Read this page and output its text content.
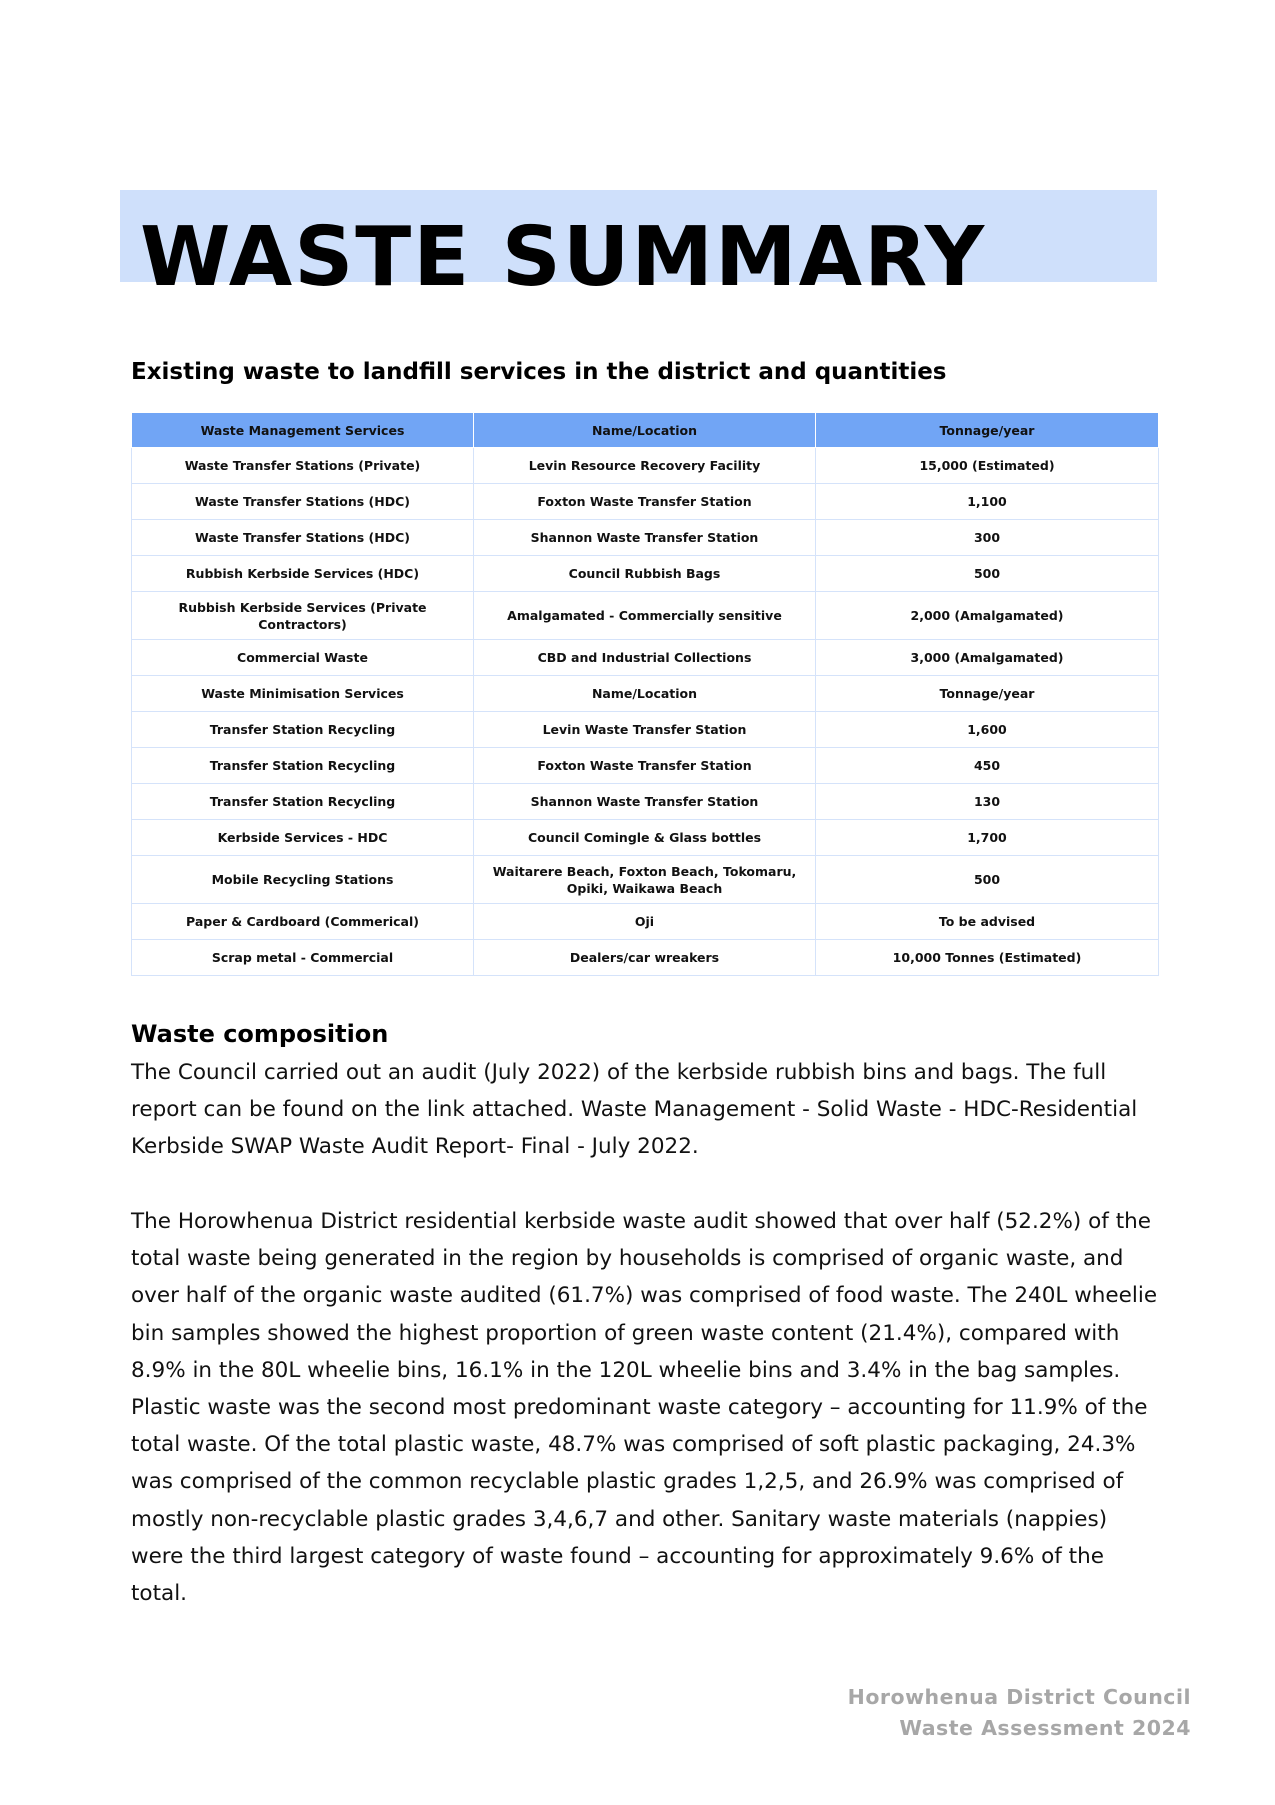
WASTE SUMMARY
Existing waste to landfill services in the district and quantities
Waste Management Services	Name/Location	Tonnage/year
Waste Transfer Stations (Private)	Levin Resource Recovery Facility	15,000 (Estimated)
Waste Transfer Stations (HDC)	Foxton Waste Transfer Station	1,100
Waste Transfer Stations (HDC)	Shannon Waste Transfer Station	300
Rubbish Kerbside Services (HDC)	Council Rubbish Bags	500
Rubbish Kerbside Services (Private Contractors)	Amalgamated - Commercially sensitive	2,000 (Amalgamated)
Commercial Waste	CBD and Industrial Collections	3,000 (Amalgamated)
Waste Minimisation Services	Name/Location	Tonnage/year
Transfer Station Recycling	Levin Waste Transfer Station	1,600
Transfer Station Recycling	Foxton Waste Transfer Station	450
Transfer Station Recycling	Shannon Waste Transfer Station	130
Kerbside Services - HDC	Council Comingle & Glass bottles	1,700
Mobile Recycling Stations	Waitarere Beach, Foxton Beach, Tokomaru, Opiki, Waikawa Beach	500
Paper & Cardboard (Commerical)	Oji	To be advised
Scrap metal - Commercial	Dealers/car wreakers	10,000 Tonnes (Estimated)
Waste composition

The Council carried out an audit (July 2022) of the kerbside rubbish bins and bags. The full report can be found on the link attached. Waste Management - Solid Waste - HDC-Residential Kerbside SWAP Waste Audit Report- Final - July 2022.

The Horowhenua District residential kerbside waste audit showed that over half (52.2%) of the total waste being generated in the region by households is comprised of organic waste, and over half of the organic waste audited (61.7%) was comprised of food waste. The 240L wheelie bin samples showed the highest proportion of green waste content (21.4%), compared with 8.9% in the 80L wheelie bins, 16.1% in the 120L wheelie bins and 3.4% in the bag samples. Plastic waste was the second most predominant waste category – accounting for 11.9% of the total waste. Of the total plastic waste, 48.7% was comprised of soft plastic packaging, 24.3% was comprised of the common recyclable plastic grades 1,2,5, and 26.9% was comprised of mostly non-recyclable plastic grades 3,4,6,7 and other. Sanitary waste materials (nappies) were the third largest category of waste found – accounting for approximately 9.6% of the total.

Horowhenua District Council
Waste Assessment 2024
